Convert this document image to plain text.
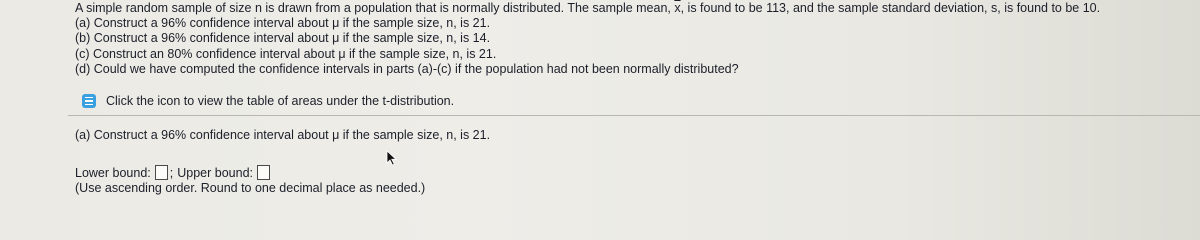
A simple random sample of size n is drawn from a population that is normally distributed. The sample mean, $\overline{x}$, is found to be 113, and the sample standard deviation, s, is found to be 10.
(a) Construct a 96% confidence interval about μ if the sample size, n, is 21.
(b) Construct a 96% confidence interval about μ if the sample size, n, is 14.
(c) Construct an 80% confidence interval about μ if the sample size, n, is 21.
(d) Could we have computed the confidence intervals in parts (a)-(c) if the population had not been normally distributed?
Click the icon to view the table of areas under the t-distribution.
(a) Construct a 96% confidence interval about μ if the sample size, n, is 21.
Lower bound: ; Upper bound:
(Use ascending order. Round to one decimal place as needed.)
